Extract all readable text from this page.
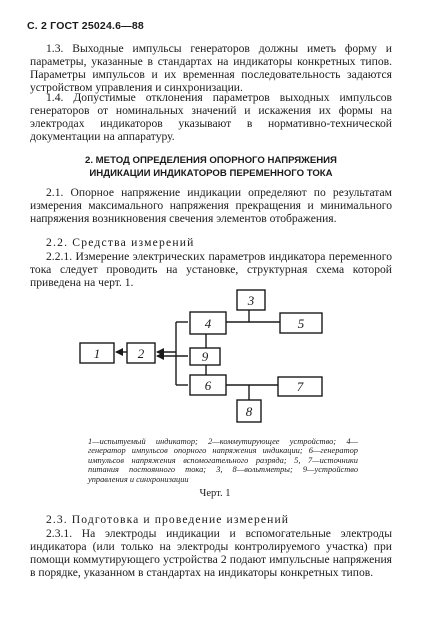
С. 2 ГОСТ 25024.6—88

1.3. Выходные импульсы генераторов должны иметь форму и параметры, указанные в стандартах на индикаторы конкретных типов. Параметры импульсов и их временная последовательность задаются устройством управления и синхронизации.

1.4. Допустимые отклонения параметров выходных импульсов генераторов от номинальных значений и искажения их формы на электродах индикаторов указывают в нормативно-технической документации на аппаратуру.

2. МЕТОД ОПРЕДЕЛЕНИЯ ОПОРНОГО НАПРЯЖЕНИЯ
ИНДИКАЦИИ ИНДИКАТОРОВ ПЕРЕМЕННОГО ТОКА

2.1. Опорное напряжение индикации определяют по результатам измерения максимального напряжения прекращения и минимального напряжения возникновения свечения элементов отображения.

2.2. Средства измерений

2.2.1. Измерение электрических параметров индикатора переменного тока следует проводить на установке, структурная схема которой приведена на черт. 1.

3
4	5
1	2	9
6	7
8
1—испытуемый индикатор; 2—коммутирующее устройство; 4—генератор импульсов опорного напряжения индикации; 6—генератор импульсов напряжения вспомогательного разряда; 5, 7—источники питания постоянного тока; 3, 8—вольтметры; 9—устройство управления и синхронизации
Черт. 1

2.3. Подготовка и проведение измерений

2.3.1. На электроды индикации и вспомогательные электроды индикатора (или только на электроды контролируемого участка) при помощи коммутирующего устройства 2 подают импульсные напряжения в порядке, указанном в стандартах на индикаторы конкретных типов.
